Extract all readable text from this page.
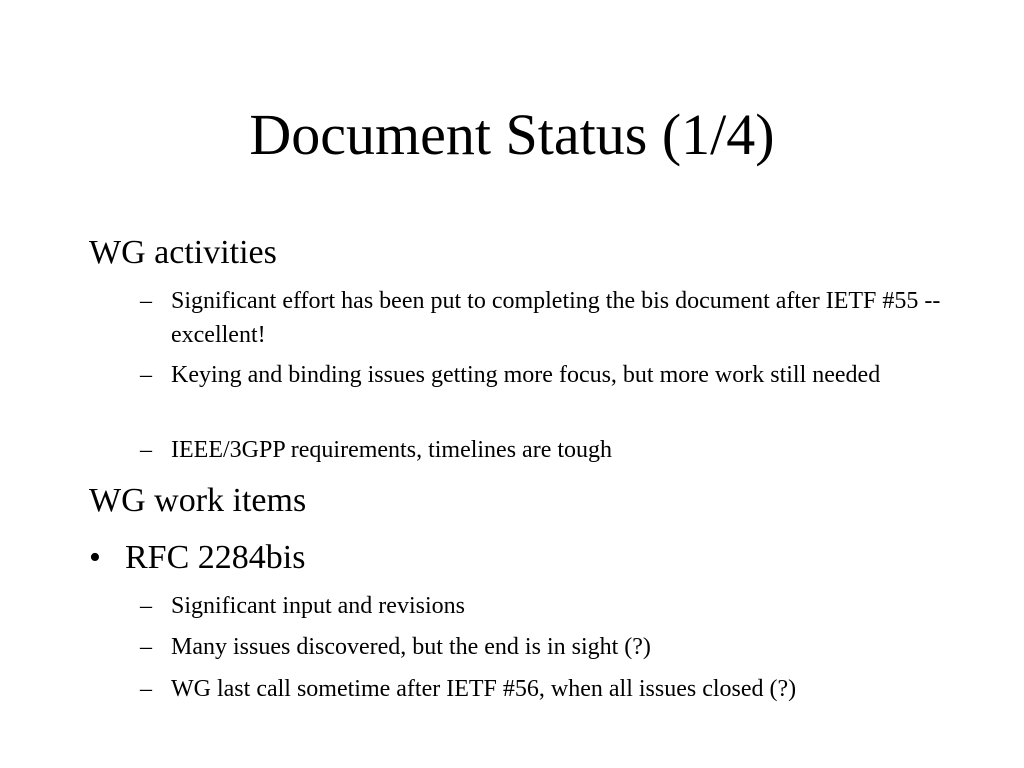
Document Status (1/4)

WG activities

– Significant effort has been put to completing the bis document after IETF #55 -- excellent!
– Keying and binding issues getting more focus, but more work still needed
– IEEE/3GPP requirements, timelines are tough

WG work items

• RFC 2284bis

– Significant input and revisions
– Many issues discovered, but the end is in sight (?)
– WG last call sometime after IETF #56, when all issues closed (?)
